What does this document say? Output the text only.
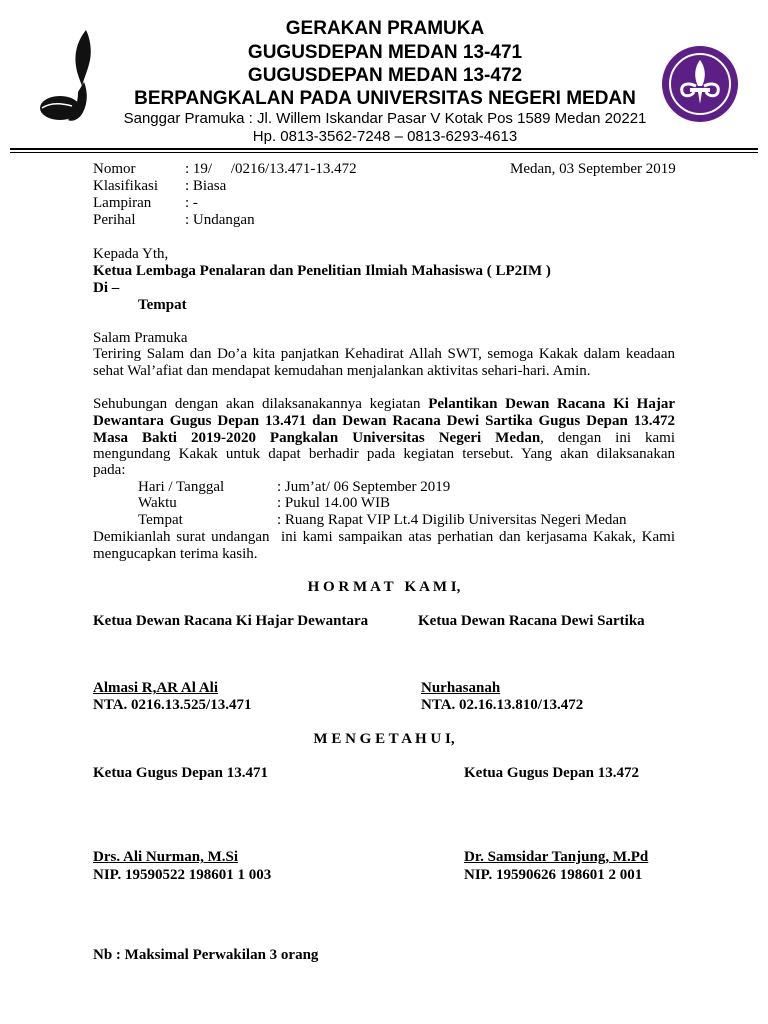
GERAKAN PRAMUKA
GUGUSDEPAN MEDAN 13-471
GUGUSDEPAN MEDAN 13-472
BERPANGKALAN PADA UNIVERSITAS NEGERI MEDAN
Sanggar Pramuka : Jl. Willem Iskandar Pasar V Kotak Pos 1589 Medan 20221
Hp. 0813-3562-7248 – 0813-6293-4613
Nomor	: 19/     /0216/13.471-13.472	Medan, 03 September 2019
Klasifikasi : Biasa
Lampiran : -
Perihal	: Undangan
Kepada Yth,
Ketua Lembaga Penalaran dan Penelitian Ilmiah Mahasiswa ( LP2IM )
Di –
Tempat
Salam Pramuka
Teriring Salam dan Do’a kita panjatkan Kehadirat Allah SWT, semoga Kakak dalam keadaan
sehat Wal’afiat dan mendapat kemudahan menjalankan aktivitas sehari-hari. Amin.
Sehubungan dengan akan dilaksanakannya kegiatan Pelantikan Dewan Racana Ki Hajar
Dewantara Gugus Depan 13.471 dan Dewan Racana Dewi Sartika Gugus Depan 13.472
Masa Bakti 2019-2020 Pangkalan Universitas Negeri Medan, dengan ini kami
mengundang Kakak untuk dapat berhadir pada kegiatan tersebut. Yang akan dilaksanakan
pada:
Hari / Tanggal	: Jum’at/ 06 September 2019
Waktu	: Pukul 14.00 WIB
Tempat	: Ruang Rapat VIP Lt.4 Digilib Universitas Negeri Medan
Demikianlah surat undangan  ini kami sampaikan atas perhatian dan kerjasama Kakak, Kami
mengucapkan terima kasih.
H O R M A T   K A M I,
Ketua Dewan Racana Ki Hajar Dewantara	Ketua Dewan Racana Dewi Sartika
Almasi R,AR Al Ali
NTA. 0216.13.525/13.471
Nurhasanah
NTA. 02.16.13.810/13.472
M E N G E T A H U I,
Ketua Gugus Depan 13.471	Ketua Gugus Depan 13.472
Drs. Ali Nurman, M.Si
NIP. 19590522 198601 1 003
Dr. Samsidar Tanjung, M.Pd
NIP. 19590626 198601 2 001
Nb : Maksimal Perwakilan 3 orang
